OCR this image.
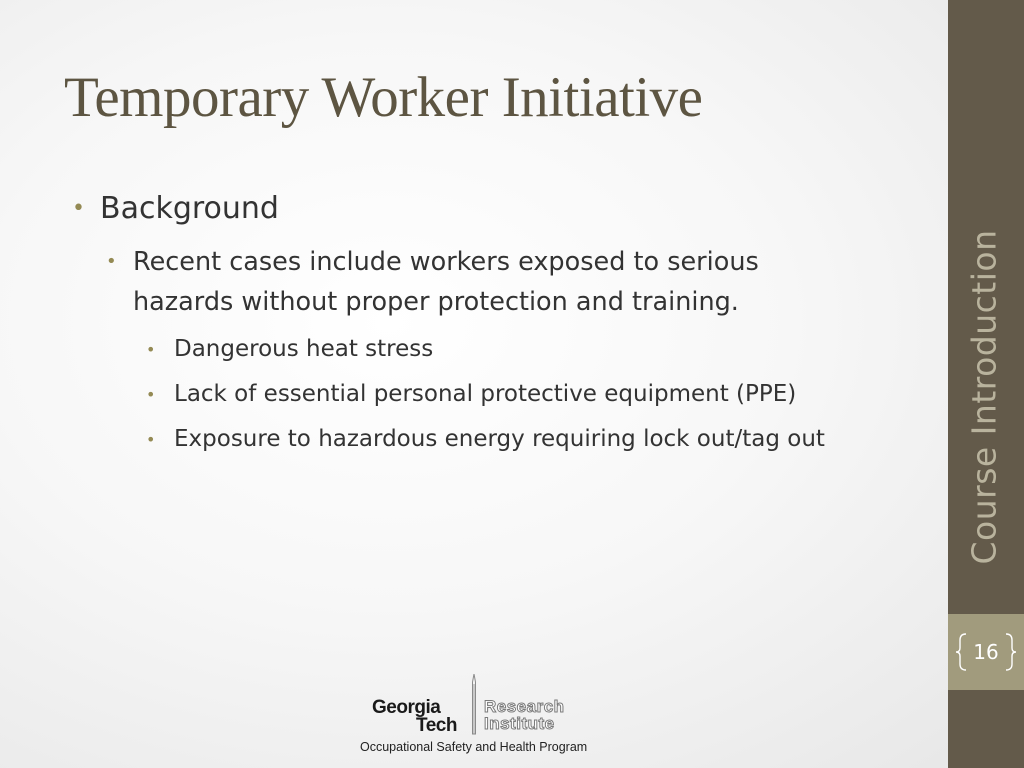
Temporary Worker Initiative
• Background
• Recent cases include workers exposed to serious
hazards without proper protection and training.
• Dangerous heat stress
• Lack of essential personal protective equipment (PPE)
• Exposure to hazardous energy requiring lock out/tag out	Course Introduction
16
Georgia
Tech
Research
Institute
Occupational Safety and Health Program
